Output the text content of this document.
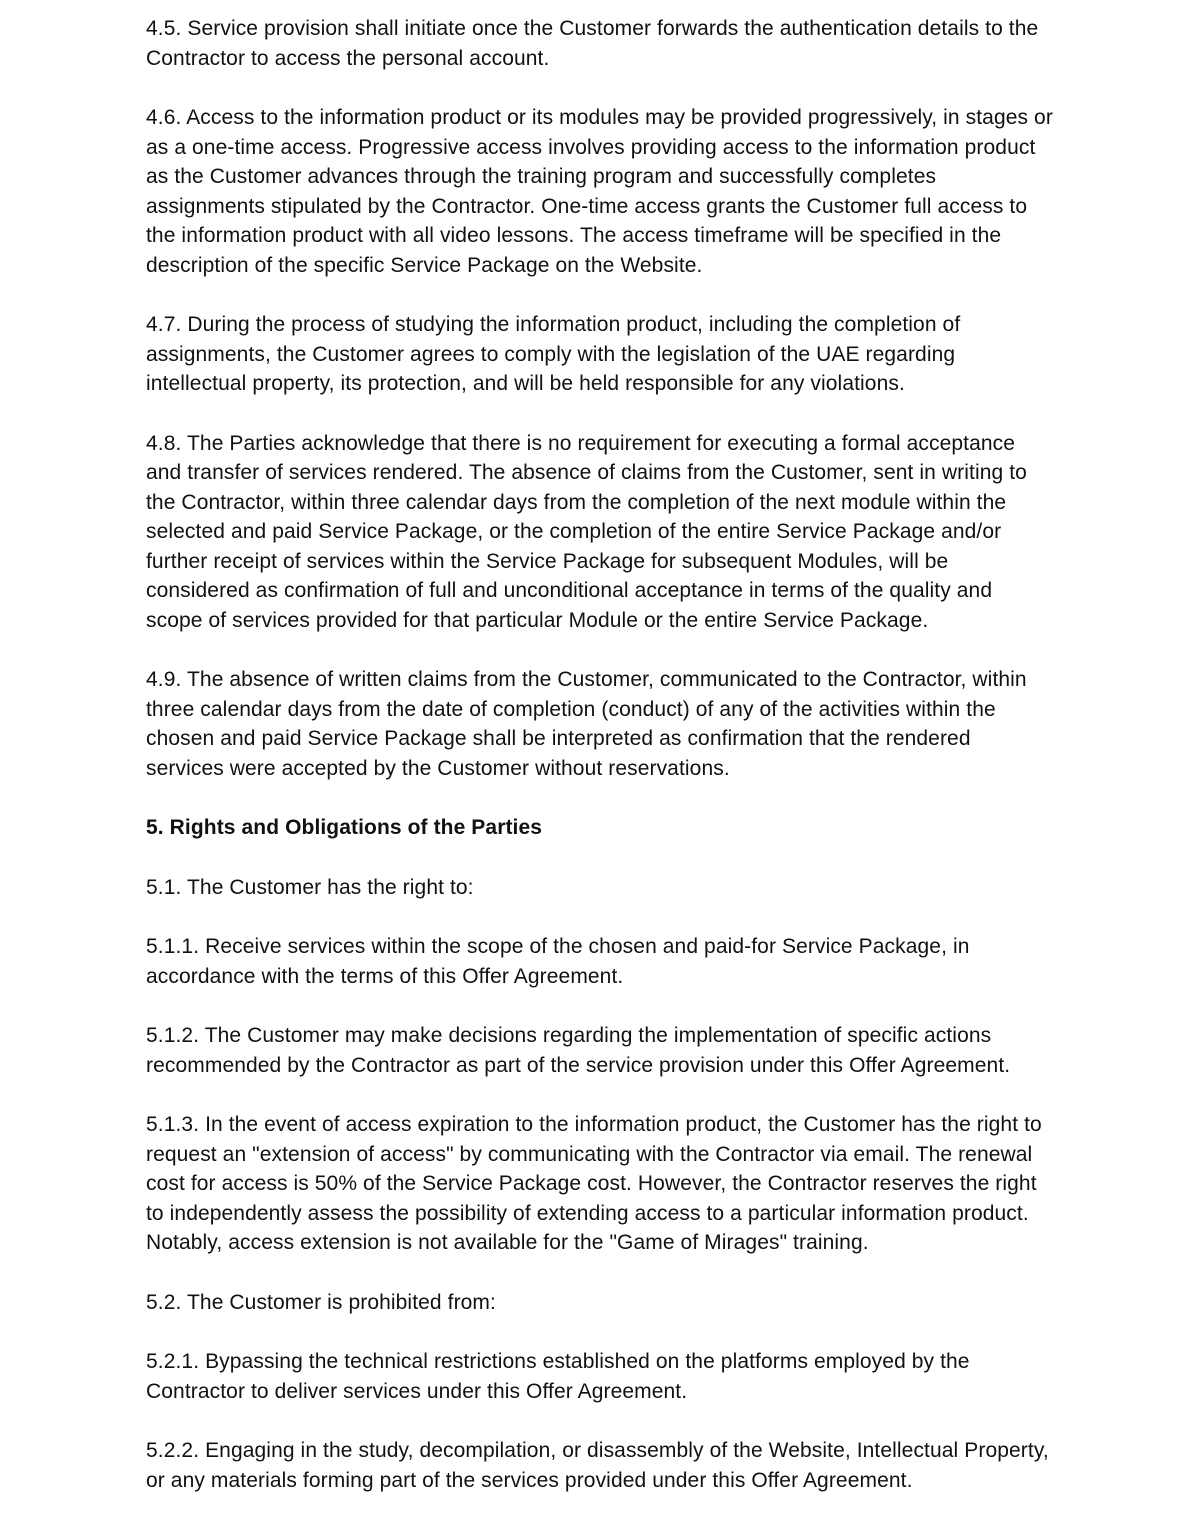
4.5. Service provision shall initiate once the Customer forwards the authentication details to the Contractor to access the personal account.

4.6. Access to the information product or its modules may be provided progressively, in stages or as a one-time access. Progressive access involves providing access to the information product as the Customer advances through the training program and successfully completes assignments stipulated by the Contractor. One-time access grants the Customer full access to the information product with all video lessons. The access timeframe will be specified in the description of the specific Service Package on the Website.

4.7. During the process of studying the information product, including the completion of assignments, the Customer agrees to comply with the legislation of the UAE regarding intellectual property, its protection, and will be held responsible for any violations.

4.8. The Parties acknowledge that there is no requirement for executing a formal acceptance and transfer of services rendered. The absence of claims from the Customer, sent in writing to the Contractor, within three calendar days from the completion of the next module within the selected and paid Service Package, or the completion of the entire Service Package and/or further receipt of services within the Service Package for subsequent Modules, will be considered as confirmation of full and unconditional acceptance in terms of the quality and scope of services provided for that particular Module or the entire Service Package.

4.9. The absence of written claims from the Customer, communicated to the Contractor, within three calendar days from the date of completion (conduct) of any of the activities within the chosen and paid Service Package shall be interpreted as confirmation that the rendered services were accepted by the Customer without reservations.

5. Rights and Obligations of the Parties

5.1. The Customer has the right to:

5.1.1. Receive services within the scope of the chosen and paid-for Service Package, in accordance with the terms of this Offer Agreement.

5.1.2. The Customer may make decisions regarding the implementation of specific actions recommended by the Contractor as part of the service provision under this Offer Agreement.

5.1.3. In the event of access expiration to the information product, the Customer has the right to request an "extension of access" by communicating with the Contractor via email. The renewal cost for access is 50% of the Service Package cost. However, the Contractor reserves the right to independently assess the possibility of extending access to a particular information product. Notably, access extension is not available for the "Game of Mirages" training.

5.2. The Customer is prohibited from:

5.2.1. Bypassing the technical restrictions established on the platforms employed by the Contractor to deliver services under this Offer Agreement.

5.2.2. Engaging in the study, decompilation, or disassembly of the Website, Intellectual Property, or any materials forming part of the services provided under this Offer Agreement.
